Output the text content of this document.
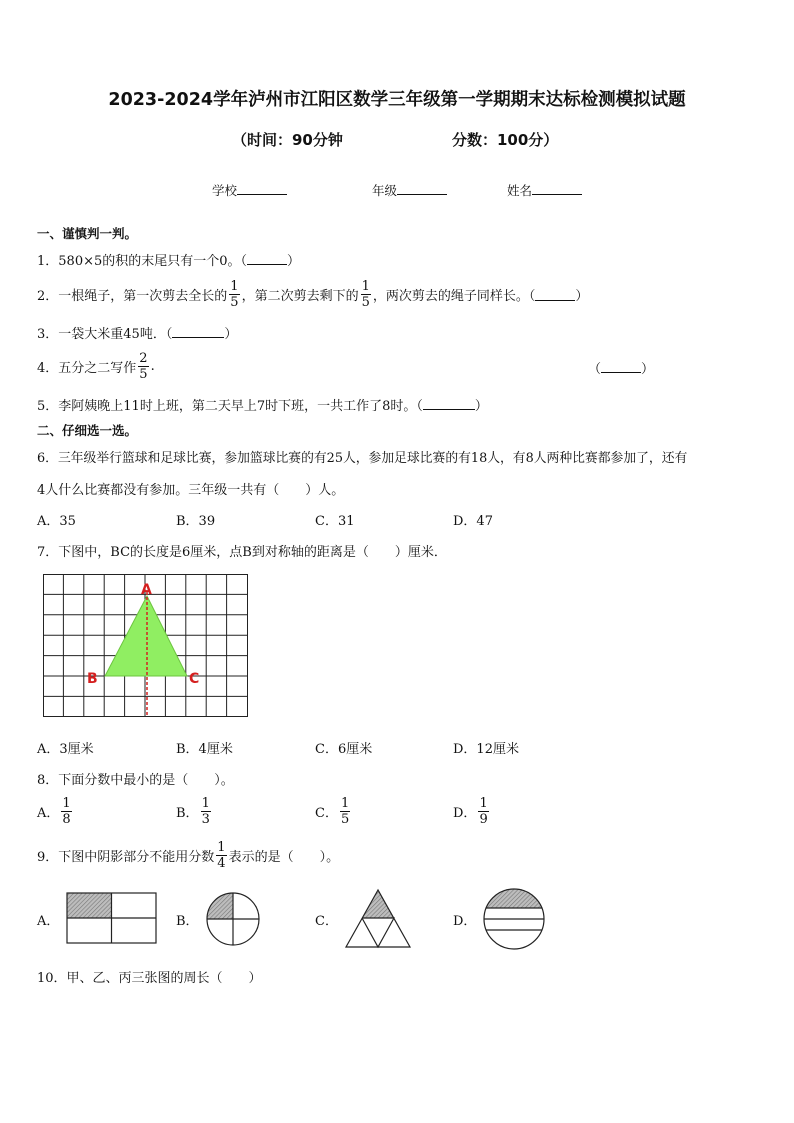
2023-2024学年泸州市江阳区数学三年级第一学期期末达标检测模拟试题
（时间：90分钟	分数：100分）
学校	年级	姓名
一、谨慎判一判。
1．580×5的积的末尾只有一个0。（	）
2．一根绳子，第一次剪去全长的 $\frac{1}{5}$ ，第二次剪去剩下的 $\frac{1}{5}$ ，两次剪去的绳子同样长。（	）
3．一袋大米重45吨．（	）
4．五分之二写作 $\frac{2}{5}$ .	（	）
5．李阿姨晚上11时上班，第二天早上7时下班，一共工作了8时。（	）
二、仔细选一选。
6．三年级举行篮球和足球比赛，参加篮球比赛的有25人，参加足球比赛的有18人，有8人两种比赛都参加了，还有
4人什么比赛都没有参加。三年级一共有（　　）人。
A．35	B．39	C．31	D．47
7．下图中，BC的长度是6厘米，点B到对称轴的距离是（　　）厘米．
A
B	C
A．3厘米	B．4厘米	C．6厘米	D．12厘米
8．下面分数中最小的是（　　）。
A． $\frac{1}{8}$	B． $\frac{1}{3}$	C． $\frac{1}{5}$	D． $\frac{1}{9}$
9．下图中阴影部分不能用分数 $\frac{1}{4}$ 表示的是（　　）。
A．	B．	C．	D．
10．甲、乙、丙三张图的周长（　　）
